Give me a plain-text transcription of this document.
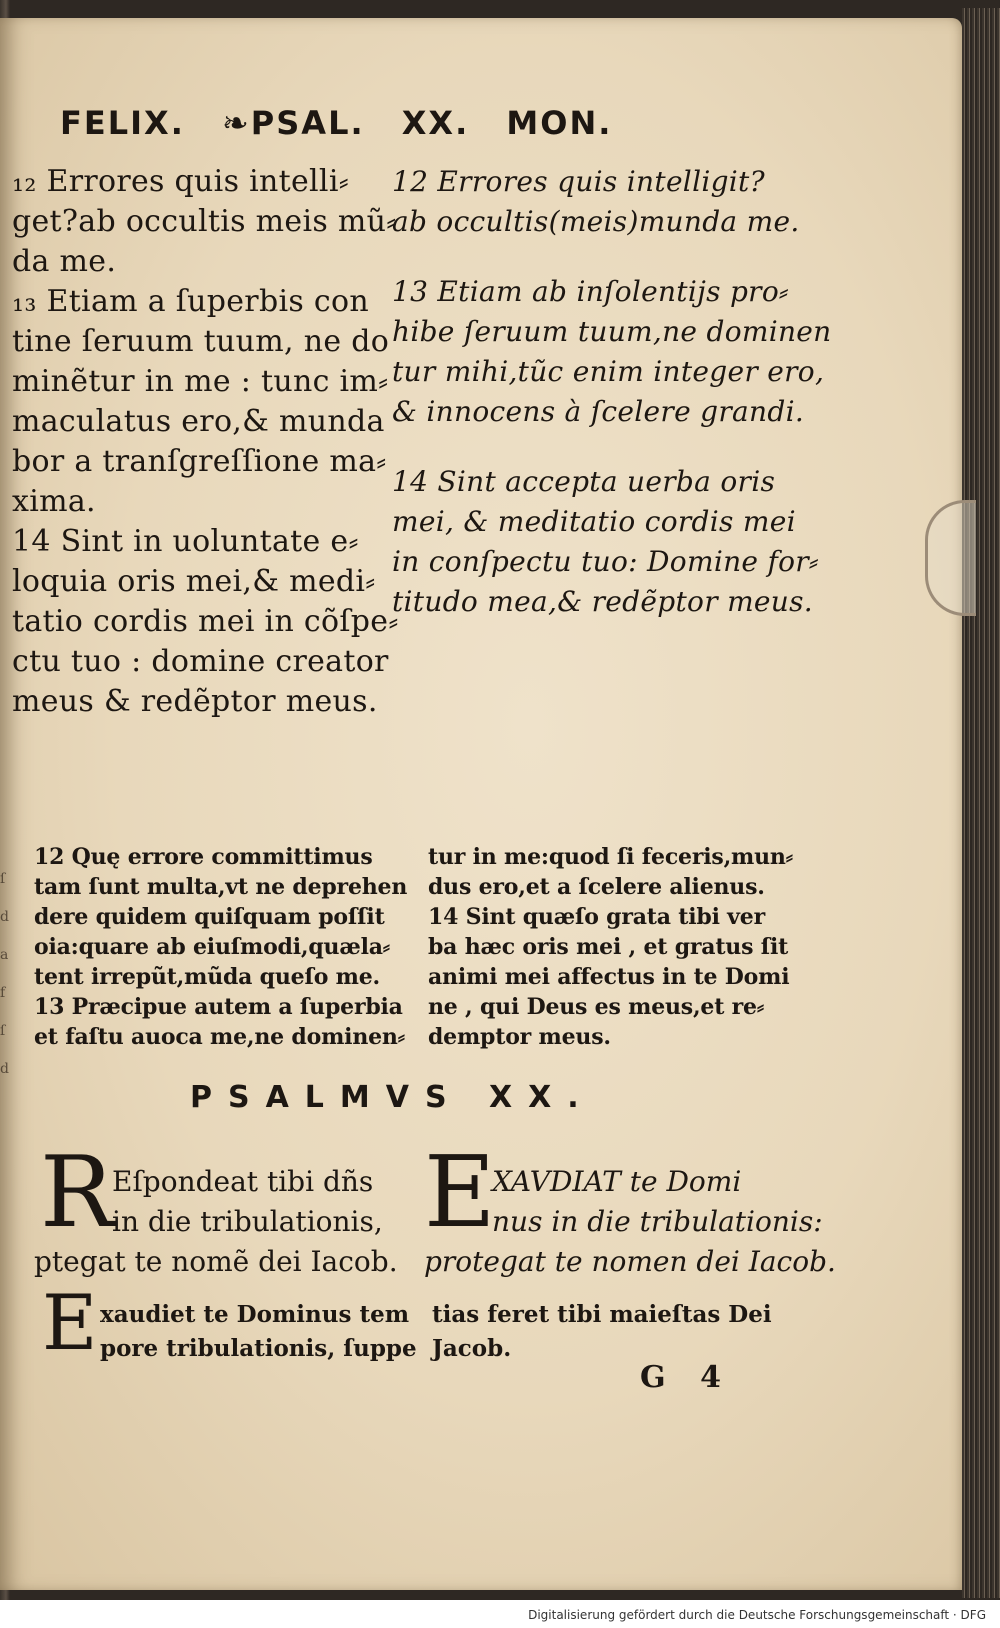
ſ
d
a
f
ſ
d
FELIX. ❧PSAL. XX. MON.

₁₂ Errores quis intelli⸗

get?ab occultis meis mũ⸗

da me.

₁₃ Etiam a ſuperbis con

tine ſeruum tuum, ne do

minẽtur in me : tunc im⸗

maculatus ero,& munda

bor a tranſgreſſione ma⸗

xima.

14 Sint in uoluntate e⸗

loquia oris mei,& medi⸗

tatio cordis mei in cõſpe⸗

ctu tuo : domine creator

meus & redẽptor meus.

12 Errores quis intelligit?

ab occultis(meis)munda me.

13 Etiam ab inſolentijs pro⸗

hibe ſeruum tuum,ne dominen

tur mihi,tũc enim integer ero,

& innocens à ſcelere grandi.

14 Sint accepta uerba oris

mei, & meditatio cordis mei

in conſpectu tuo: Domine for⸗

titudo mea,& redẽptor meus.

12 Quę errore committimus

tam ſunt multa,vt ne deprehen

dere quidem quiſquam poſſit

oia:quare ab eiuſmodi,quæla⸗

tent irrepũt,mũda queſo me.

13 Præcipue autem a ſuperbia

et faſtu auoca me,ne dominen⸗

tur in me:quod ſi feceris,mun⸗

dus ero,et a ſcelere alienus.

14 Sint quæſo grata tibi ver

ba hæc oris mei , et gratus ſit

animi mei affectus in te Domi

ne , qui Deus es meus,et re⸗

demptor meus.

PSALMVS XX.
R

Eſpondeat tibi dñs

in die tribulationis,

ptegat te nomẽ dei Iacob.

E

XAVDIAT te Domi

nus in die tribulationis:

protegat te nomen dei Iacob.

E xaudiet te Dominus tem

pore tribulationis, ſuppe

tias feret tibi maieſtas Dei

Jacob.

G 4
Digitalisierung gefördert durch die Deutsche Forschungsgemeinschaft · DFG
